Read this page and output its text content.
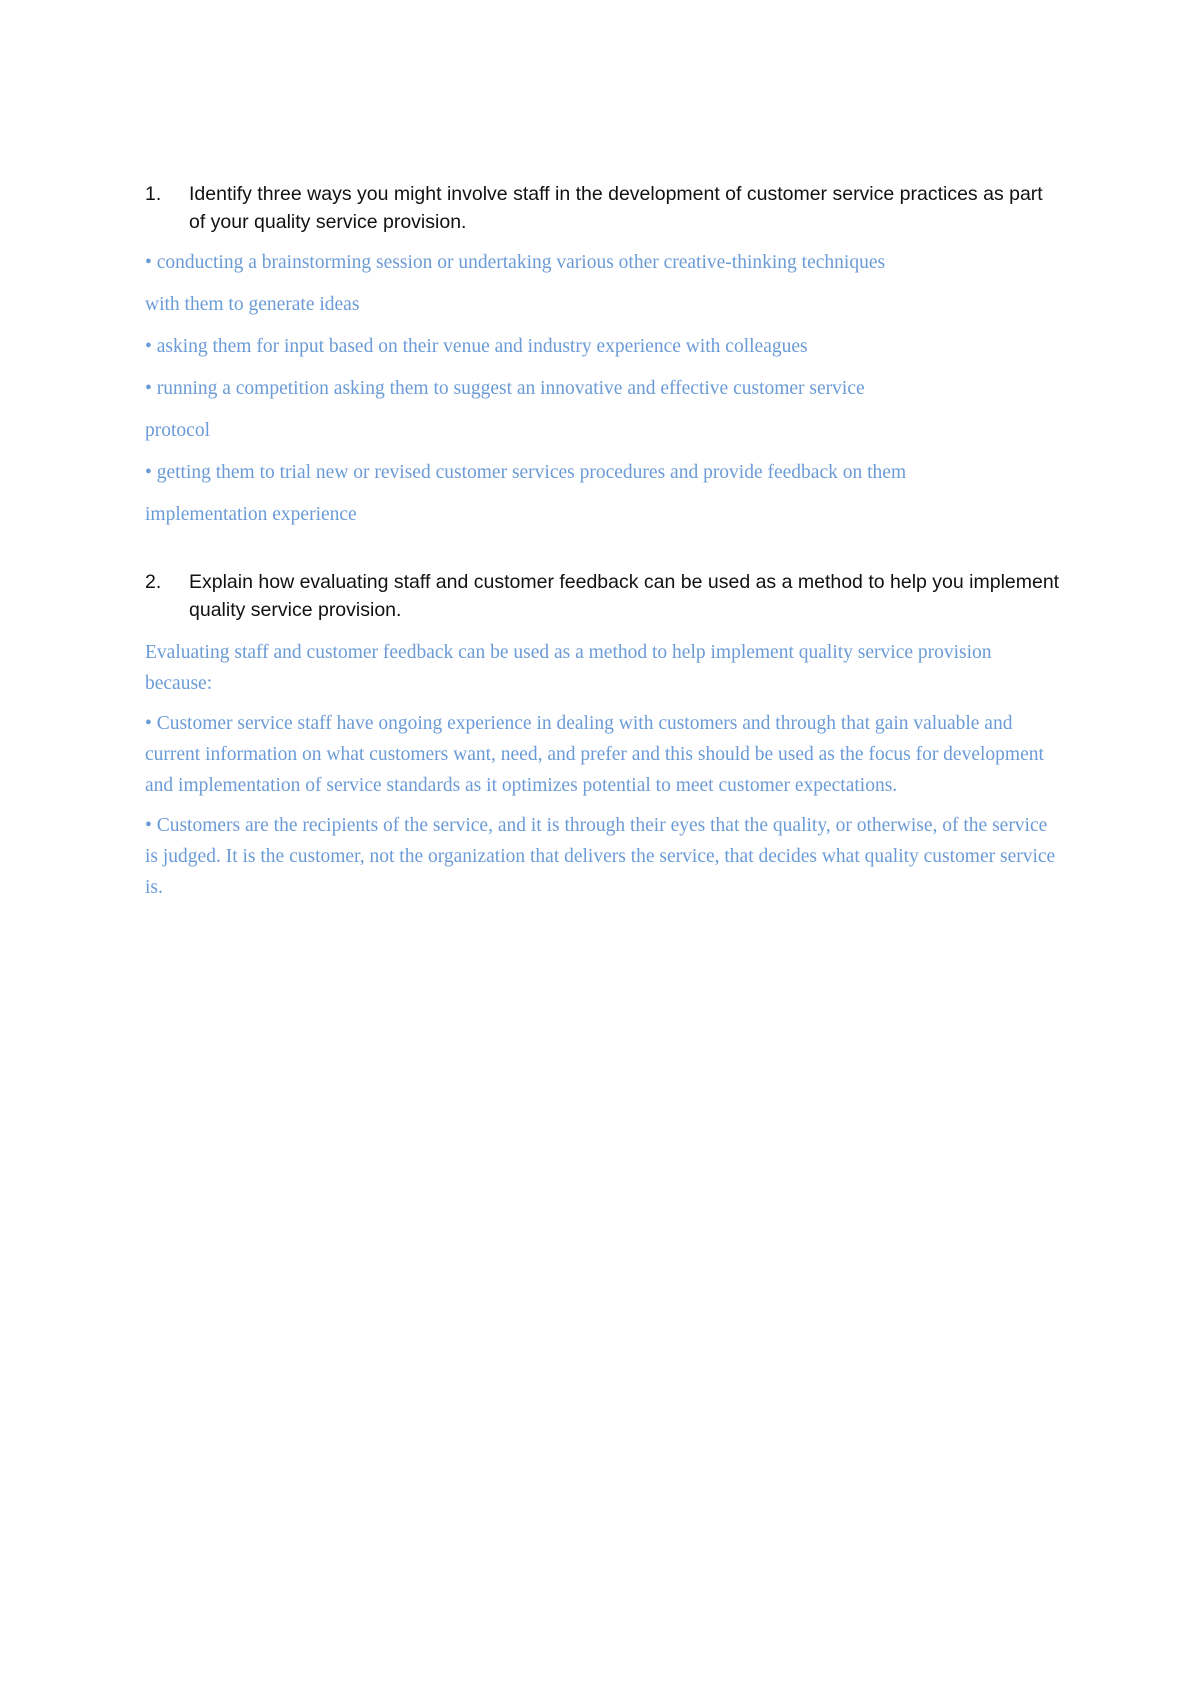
1.	Identify three ways you might involve staff in the development of customer service practices as part of your quality service provision.

• conducting a brainstorming session or undertaking various other creative-thinking techniques

with them to generate ideas

• asking them for input based on their venue and industry experience with colleagues

• running a competition asking them to suggest an innovative and effective customer service

protocol

• getting them to trial new or revised customer services procedures and provide feedback on them

implementation experience

2.	Explain how evaluating staff and customer feedback can be used as a method to help you implement quality service provision.

Evaluating staff and customer feedback can be used as a method to help implement quality service provision because:

• Customer service staff have ongoing experience in dealing with customers and through that gain valuable and current information on what customers want, need, and prefer and this should be used as the focus for development and implementation of service standards as it optimizes potential to meet customer expectations.

• Customers are the recipients of the service, and it is through their eyes that the quality, or otherwise, of the service is judged. It is the customer, not the organization that delivers the service, that decides what quality customer service is.
